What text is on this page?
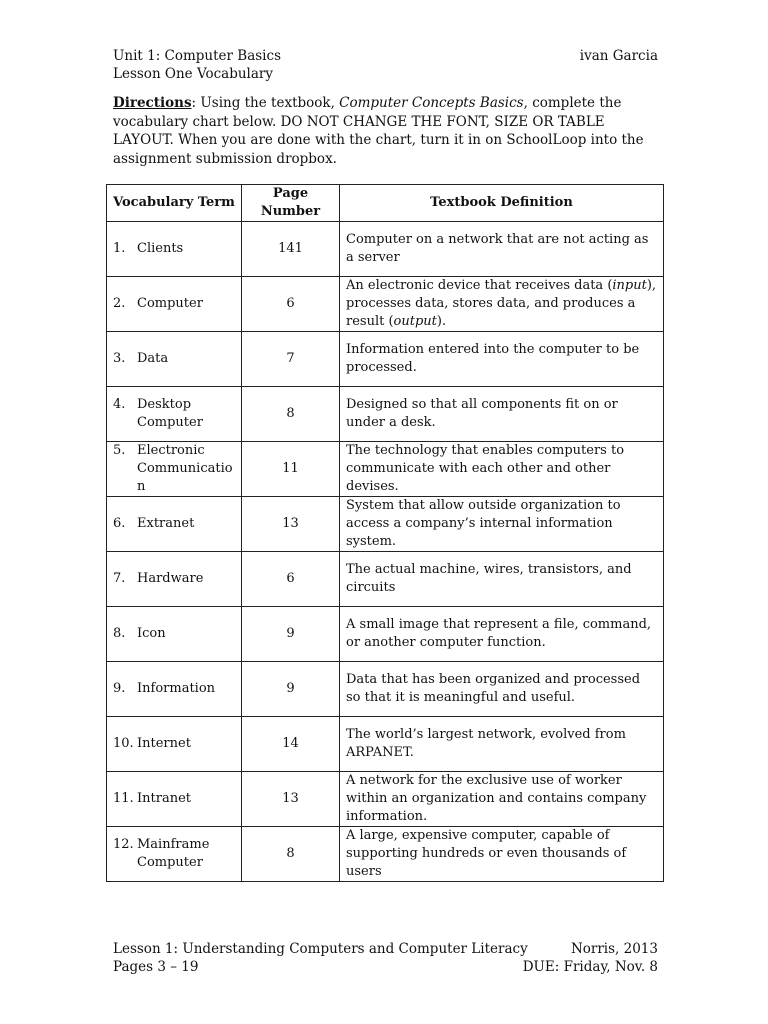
Unit 1: Computer Basics	ivan Garcia
Lesson One Vocabulary
Directions: Using the textbook, Computer Concepts Basics, complete the vocabulary chart below. DO NOT CHANGE THE FONT, SIZE OR TABLE LAYOUT. When you are done with the chart, turn it in on SchoolLoop into the assignment submission dropbox.
Vocabulary Term	Page Number	Textbook Definition

1. Clients	141	Computer on a network that are not acting as a server

2. Computer	6	An electronic device that receives data (input), processes data, stores data, and produces a result (output).

3. Data	7	Information entered into the computer to be processed.

4. Desktop Computer	8	Designed so that all components fit on or under a desk.

5. Electronic Communicatio n	11	The technology that enables computers to communicate with each other and other devises.

6. Extranet	13	System that allow outside organization to access a company’s internal information system.

7. Hardware	6	The actual machine, wires, transistors, and circuits

8. Icon	9	A small image that represent a file, command, or another computer function.

9. Information	9	Data that has been organized and processed so that it is meaningful and useful.

10. Internet	14	The world’s largest network, evolved from ARPANET.

11. Intranet	13	A network for the exclusive use of worker within an organization and contains company information.

12. Mainframe Computer	8	A large, expensive computer, capable of supporting hundreds or even thousands of users
Lesson 1: Understanding Computers and Computer Literacy	Norris, 2013
Pages 3 – 19	DUE: Friday, Nov. 8
